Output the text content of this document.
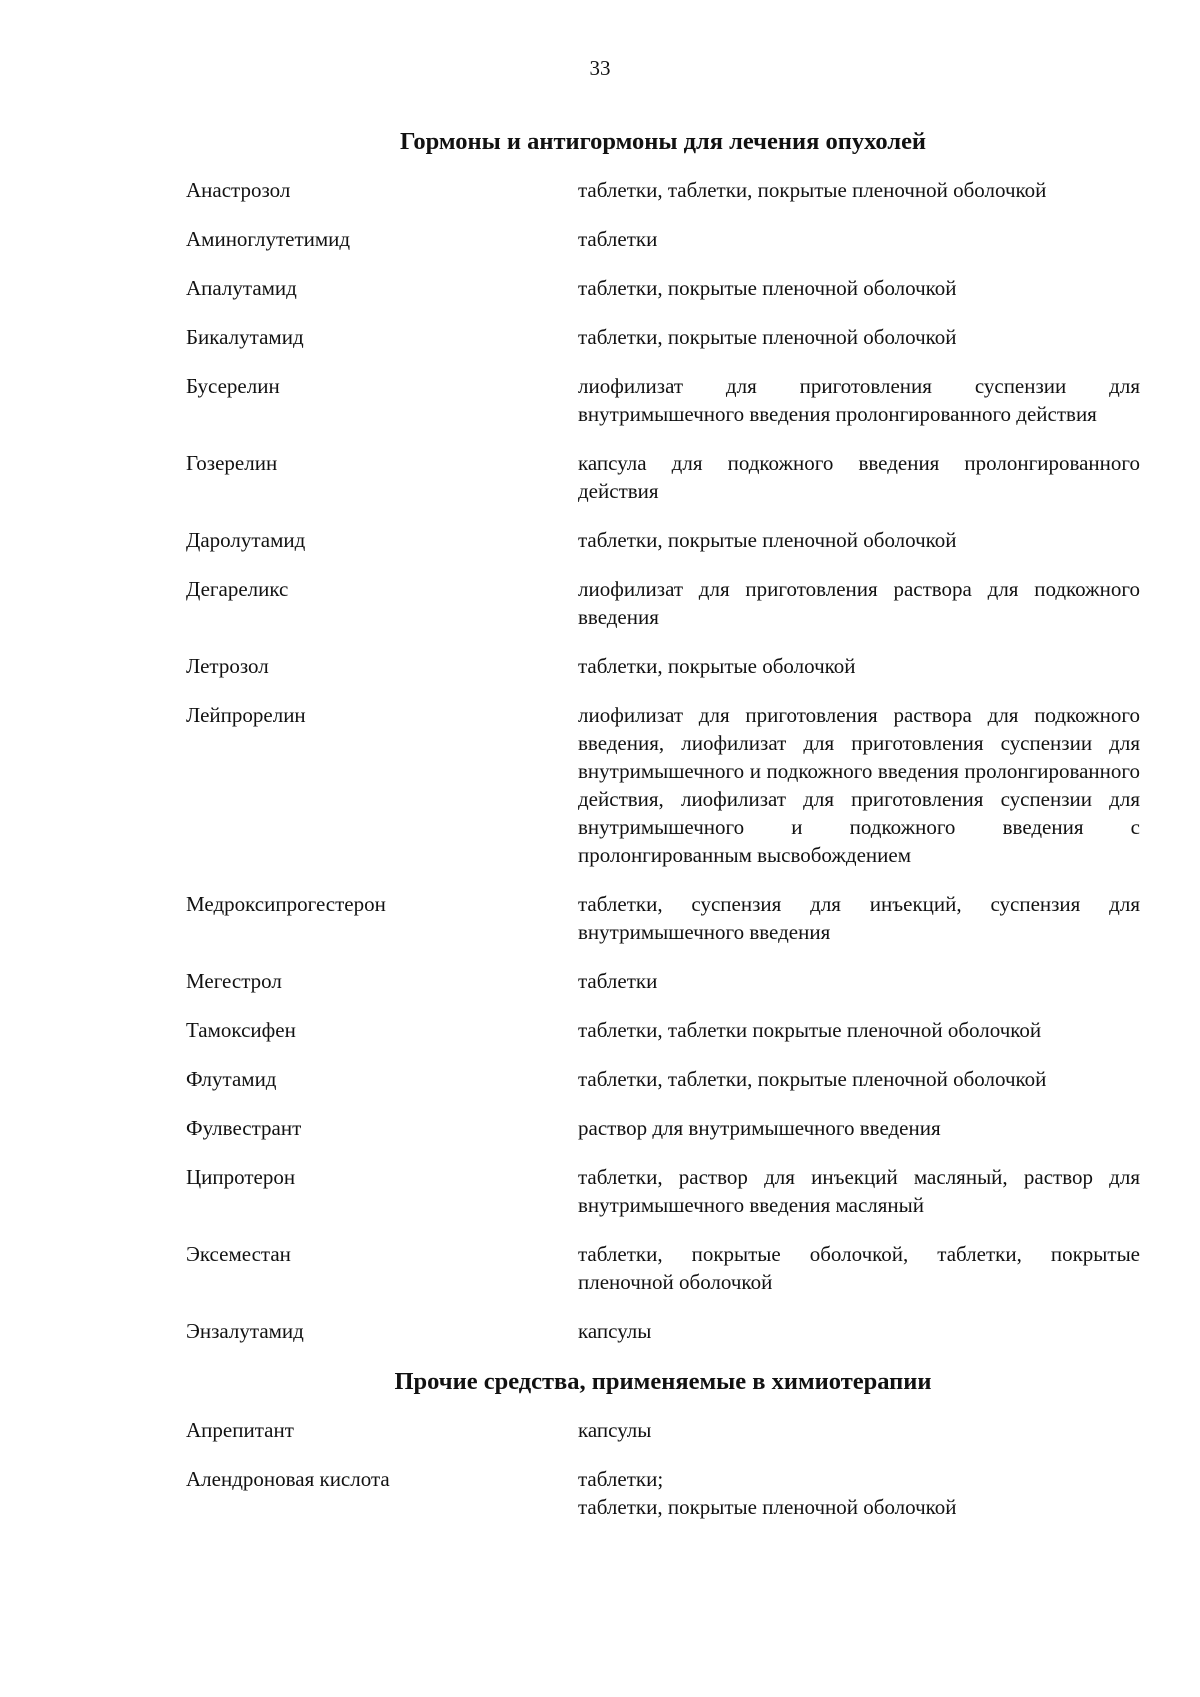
33
Гормоны и антигормоны для лечения опухолей
Анастрозол	таблетки, таблетки, покрытые пленочной оболочкой
Аминоглутетимид	таблетки
Апалутамид	таблетки, покрытые пленочной оболочкой
Бикалутамид	таблетки, покрытые пленочной оболочкой
Бусерелин	лиофилизат для приготовления суспензии для внутримышечного введения пролонгированного действия
Гозерелин	капсула для подкожного введения пролонгированного действия
Даролутамид	таблетки, покрытые пленочной оболочкой
Дегареликс	лиофилизат для приготовления раствора для подкожного введения
Летрозол	таблетки, покрытые оболочкой
Лейпрорелин	лиофилизат для приготовления раствора для подкожного введения, лиофилизат для приготовления суспензии для внутримышечного и подкожного введения пролонгированного действия, лиофилизат для приготовления суспензии для внутримышечного и подкожного введения с пролонгированным высвобождением
Медроксипрогестерон	таблетки, суспензия для инъекций, суспензия для внутримышечного введения
Мегестрол	таблетки
Тамоксифен	таблетки, таблетки покрытые пленочной оболочкой
Флутамид	таблетки, таблетки, покрытые пленочной оболочкой
Фулвестрант	раствор для внутримышечного введения
Ципротерон	таблетки, раствор для инъекций масляный, раствор для внутримышечного введения масляный
Эксеместан	таблетки, покрытые оболочкой, таблетки, покрытые пленочной оболочкой
Энзалутамид	капсулы
Прочие средства, применяемые в химиотерапии
Апрепитант	капсулы
Алендроновая кислота	таблетки;
таблетки, покрытые пленочной оболочкой
